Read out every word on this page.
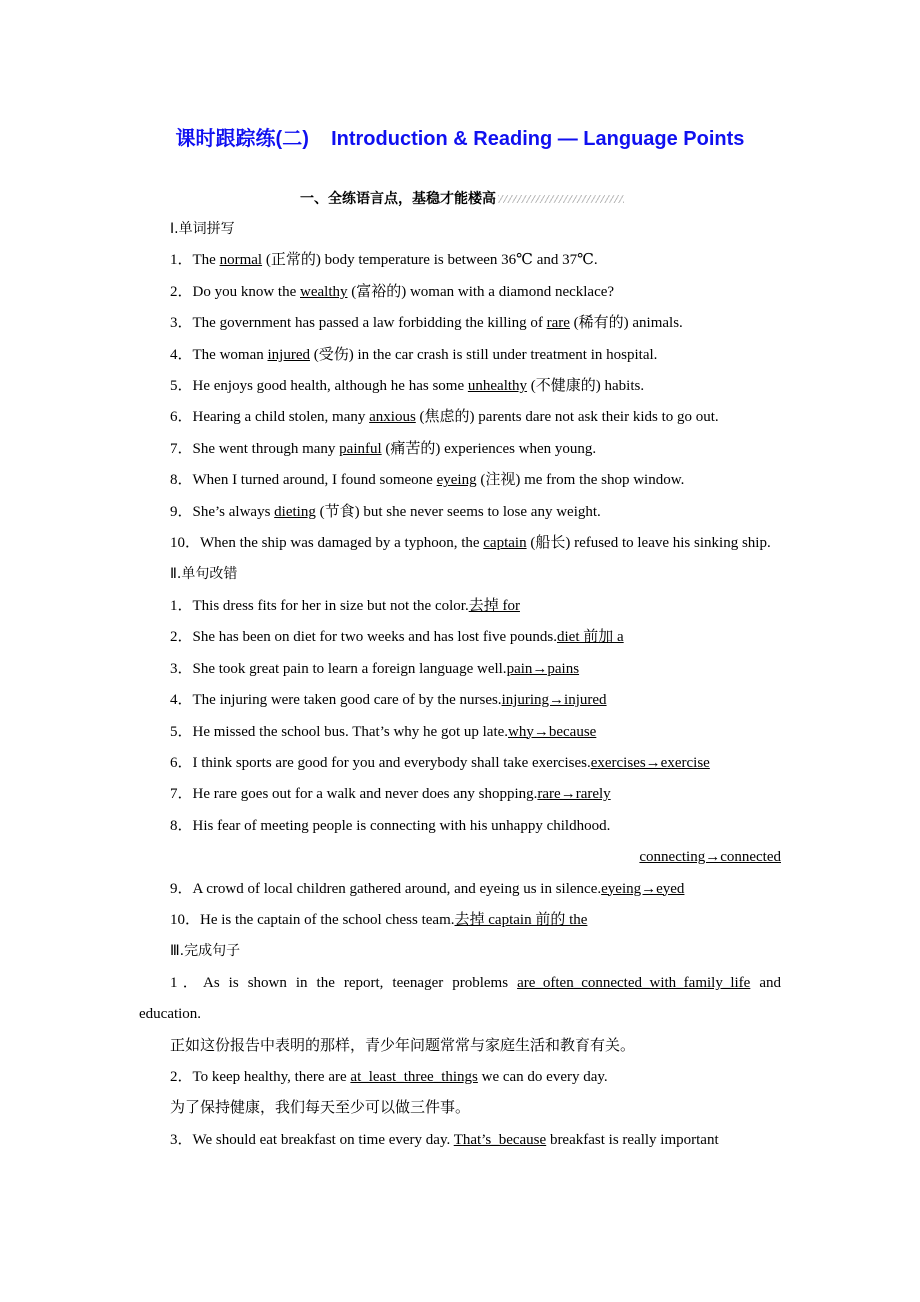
课时跟踪练(二)    Introduction & Reading — Language Points
一、全练语言点，基稳才能楼高
Ⅰ.单词拼写
1．The normal (正常的) body temperature is between 36℃ and 37℃.
2．Do you know the wealthy (富裕的) woman with a diamond necklace?
3．The government has passed a law forbidding the killing of rare (稀有的) animals.
4．The woman injured (受伤) in the car crash is still under treatment in hospital.
5．He enjoys good health, although he has some unhealthy (不健康的) habits.
6．Hearing a child stolen, many anxious (焦虑的) parents dare not ask their kids to go out.
7．She went through many painful (痛苦的) experiences when young.
8．When I turned around, I found someone eyeing (注视) me from the shop window.
9．She’s always dieting (节食) but she never seems to lose any weight.
10．When the ship was damaged by a typhoon, the captain (船长) refused to leave his sinking ship.
Ⅱ.单句改错
1．This dress fits for her in size but not the color.去掉 for
2．She has been on diet for two weeks and has lost five pounds.diet 前加 a
3．She took great pain to learn a foreign language well.pain→pains
4．The injuring were taken good care of by the nurses.injuring→injured
5．He missed the school bus. That’s why he got up late.why→because
6．I think sports are good for you and everybody shall take exercises.exercises→exercise
7．He rare goes out for a walk and never does any shopping.rare→rarely
8．His fear of meeting people is connecting with his unhappy childhood.
connecting→connected
9．A crowd of local children gathered around, and eyeing us in silence.eyeing→eyed
10．He is the captain of the school chess team.去掉 captain 前的 the
Ⅲ.完成句子
1．As is shown in the report, teenager problems are_often_connected_with_family_life and education.
正如这份报告中表明的那样，青少年问题常常与家庭生活和教育有关。
2．To keep healthy, there are at_least_three_things we can do every day.
为了保持健康，我们每天至少可以做三件事。
3．We should eat breakfast on time every day. That’s_because breakfast is really important
